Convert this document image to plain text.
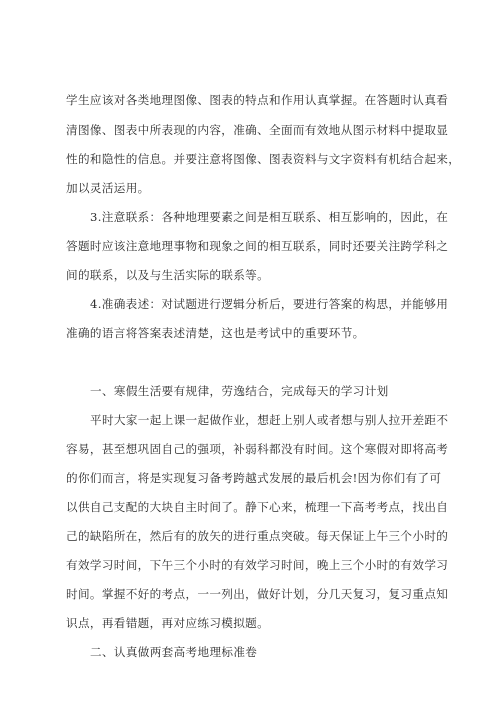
学生应该对各类地理图像、图表的特点和作用认真掌握。在答题时认真看
清图像、图表中所表现的内容，准确、全面而有效地从图示材料中提取显
性的和隐性的信息。并要注意将图像、图表资料与文字资料有机结合起来，
加以灵活运用。
3.注意联系：各种地理要素之间是相互联系、相互影响的，因此，在
答题时应该注意地理事物和现象之间的相互联系，同时还要关注跨学科之
间的联系，以及与生活实际的联系等。
4.准确表述：对试题进行逻辑分析后，要进行答案的构思，并能够用
准确的语言将答案表述清楚，这也是考试中的重要环节。
一、寒假生活要有规律，劳逸结合，完成每天的学习计划
平时大家一起上课一起做作业，想赶上别人或者想与别人拉开差距不
容易，甚至想巩固自己的强项，补弱科都没有时间。这个寒假对即将高考
的你们而言，将是实现复习备考跨越式发展的最后机会!因为你们有了可
以供自己支配的大块自主时间了。静下心来，梳理一下高考考点，找出自
己的缺陷所在，然后有的放矢的进行重点突破。每天保证上午三个小时的
有效学习时间，下午三个小时的有效学习时间，晚上三个小时的有效学习
时间。掌握不好的考点，一一列出，做好计划，分几天复习，复习重点知
识点，再看错题，再对应练习模拟题。
二、认真做两套高考地理标准卷
